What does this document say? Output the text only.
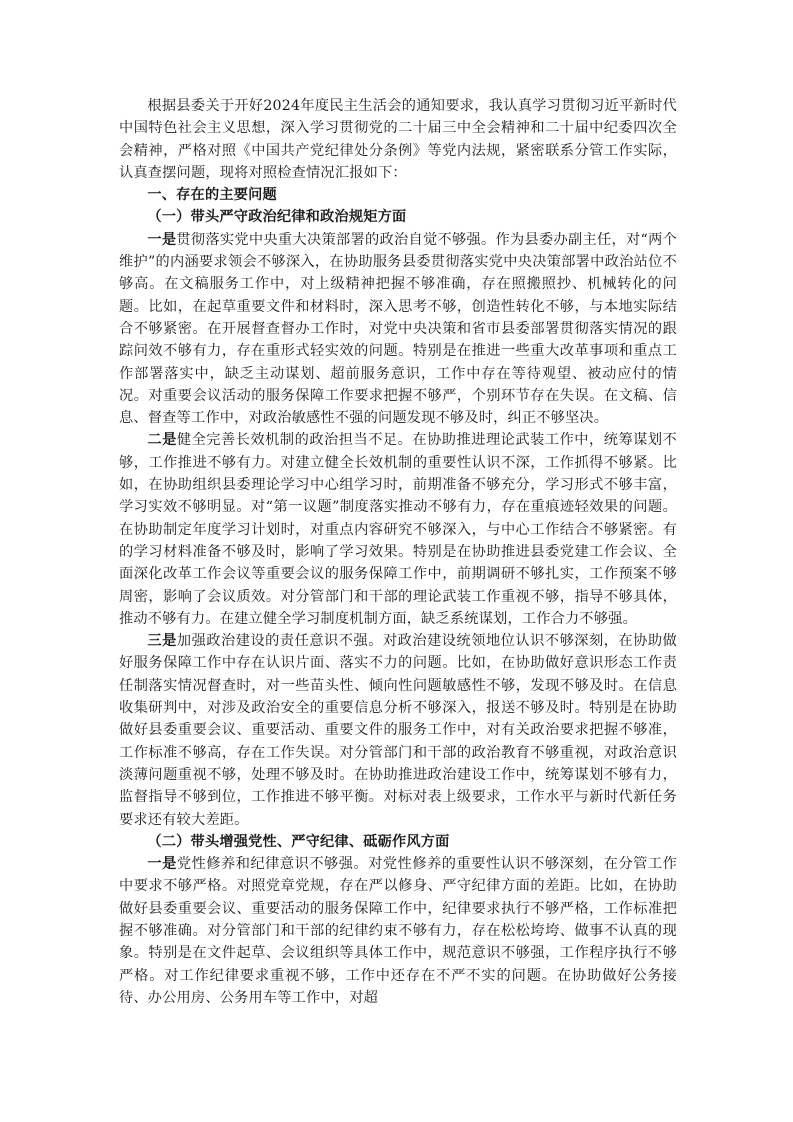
根据县委关于开好2024年度民主生活会的通知要求，我认真学习贯彻习近平新时代中国特色社会主义思想，深入学习贯彻党的二十届三中全会精神和二十届中纪委四次全会精神，严格对照《中国共产党纪律处分条例》等党内法规，紧密联系分管工作实际，认真查摆问题，现将对照检查情况汇报如下：

一、存在的主要问题
（一）带头严守政治纪律和政治规矩方面

一是贯彻落实党中央重大决策部署的政治自觉不够强。作为县委办副主任，对“两个维护”的内涵要求领会不够深入，在协助服务县委贯彻落实党中央决策部署中政治站位不够高。在文稿服务工作中，对上级精神把握不够准确，存在照搬照抄、机械转化的问题。比如，在起草重要文件和材料时，深入思考不够，创造性转化不够，与本地实际结合不够紧密。在开展督查督办工作时，对党中央决策和省市县委部署贯彻落实情况的跟踪问效不够有力，存在重形式轻实效的问题。特别是在推进一些重大改革事项和重点工作部署落实中，缺乏主动谋划、超前服务意识，工作中存在等待观望、被动应付的情况。对重要会议活动的服务保障工作要求把握不够严，个别环节存在失误。在文稿、信息、督查等工作中，对政治敏感性不强的问题发现不够及时，纠正不够坚决。

二是健全完善长效机制的政治担当不足。在协助推进理论武装工作中，统筹谋划不够，工作推进不够有力。对建立健全长效机制的重要性认识不深，工作抓得不够紧。比如，在协助组织县委理论学习中心组学习时，前期准备不够充分，学习形式不够丰富，学习实效不够明显。对“第一议题”制度落实推动不够有力，存在重痕迹轻效果的问题。在协助制定年度学习计划时，对重点内容研究不够深入，与中心工作结合不够紧密。有的学习材料准备不够及时，影响了学习效果。特别是在协助推进县委党建工作会议、全面深化改革工作会议等重要会议的服务保障工作中，前期调研不够扎实，工作预案不够周密，影响了会议质效。对分管部门和干部的理论武装工作重视不够，指导不够具体，推动不够有力。在建立健全学习制度机制方面，缺乏系统谋划，工作合力不够强。

三是加强政治建设的责任意识不强。对政治建设统领地位认识不够深刻，在协助做好服务保障工作中存在认识片面、落实不力的问题。比如，在协助做好意识形态工作责任制落实情况督查时，对一些苗头性、倾向性问题敏感性不够，发现不够及时。在信息收集研判中，对涉及政治安全的重要信息分析不够深入，报送不够及时。特别是在协助做好县委重要会议、重要活动、重要文件的服务工作中，对有关政治要求把握不够准，工作标准不够高，存在工作失误。对分管部门和干部的政治教育不够重视，对政治意识淡薄问题重视不够，处理不够及时。在协助推进政治建设工作中，统筹谋划不够有力，监督指导不够到位，工作推进不够平衡。对标对表上级要求，工作水平与新时代新任务要求还有较大差距。

（二）带头增强党性、严守纪律、砥砺作风方面

一是党性修养和纪律意识不够强。对党性修养的重要性认识不够深刻，在分管工作中要求不够严格。对照党章党规，存在严以修身、严守纪律方面的差距。比如，在协助做好县委重要会议、重要活动的服务保障工作中，纪律要求执行不够严格，工作标准把握不够准确。对分管部门和干部的纪律约束不够有力，存在松松垮垮、做事不认真的现象。特别是在文件起草、会议组织等具体工作中，规范意识不够强，工作程序执行不够严格。对工作纪律要求重视不够，工作中还存在不严不实的问题。在协助做好公务接待、办公用房、公务用车等工作中，对超
